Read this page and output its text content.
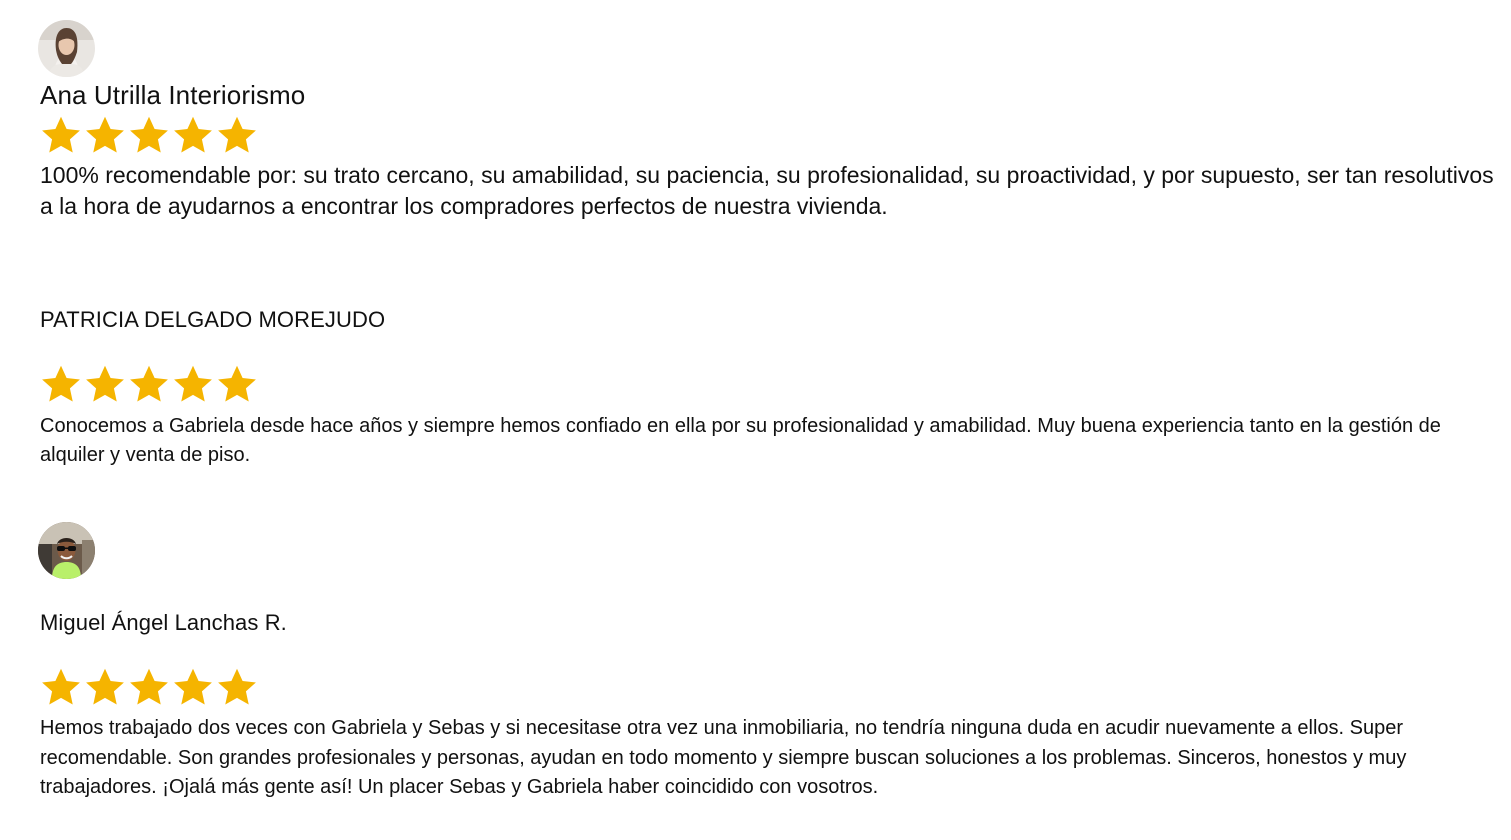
Ana Utrilla Interiorismo

100% recomendable por: su trato cercano, su amabilidad, su paciencia, su profesionalidad, su proactividad, y por supuesto, ser tan resolutivos a la hora de ayudarnos a encontrar los compradores perfectos de nuestra vivienda.

PATRICIA DELGADO MOREJUDO

Conocemos a Gabriela desde hace años y siempre hemos confiado en ella por su profesionalidad y amabilidad. Muy buena experiencia tanto en la gestión de alquiler y venta de piso.

Miguel Ángel Lanchas R.

Hemos trabajado dos veces con Gabriela y Sebas y si necesitase otra vez una inmobiliaria, no tendría ninguna duda en acudir nuevamente a ellos. Super recomendable. Son grandes profesionales y personas, ayudan en todo momento y siempre buscan soluciones a los problemas. Sinceros, honestos y muy trabajadores. ¡Ojalá más gente así! Un placer Sebas y Gabriela haber coincidido con vosotros.
